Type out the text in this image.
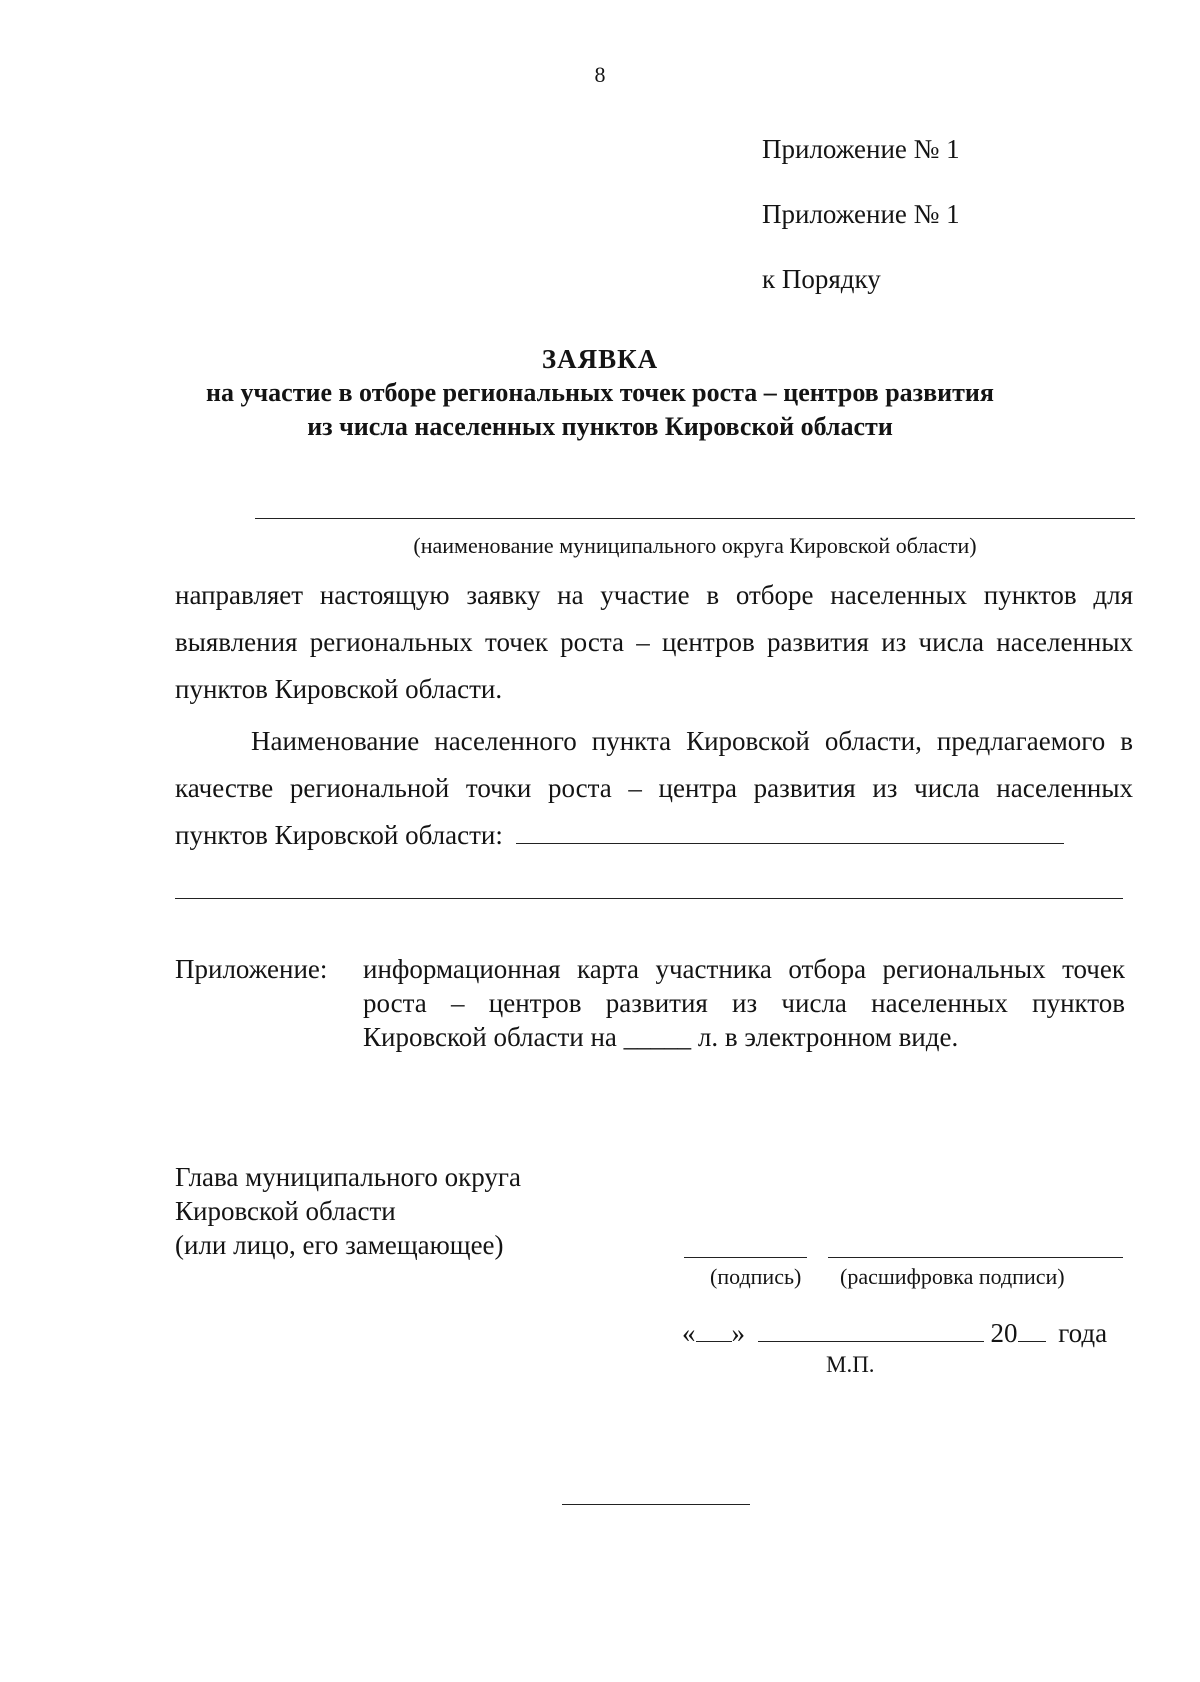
8
Приложение № 1
Приложение № 1
к Порядку
ЗАЯВКА
на участие в отборе региональных точек роста – центров развития
из числа населенных пунктов Кировской области
(наименование муниципального округа Кировской области)
направляет настоящую заявку на участие в отборе населенных пунктов для выявления региональных точек роста – центров развития из числа населенных пунктов Кировской области.
Наименование населенного пункта Кировской области, предлагаемого в качестве региональной точки роста – центра развития из числа населенных пунктов Кировской области:
Приложение:	информационная карта участника отбора региональных точек роста – центров развития из числа населенных пунктов Кировской области на _____ л. в электронном виде.
Глава муниципального округа
Кировской области
(или лицо, его замещающее)
(подпись) (расшифровка подписи)
« »	20 года
М.П.
